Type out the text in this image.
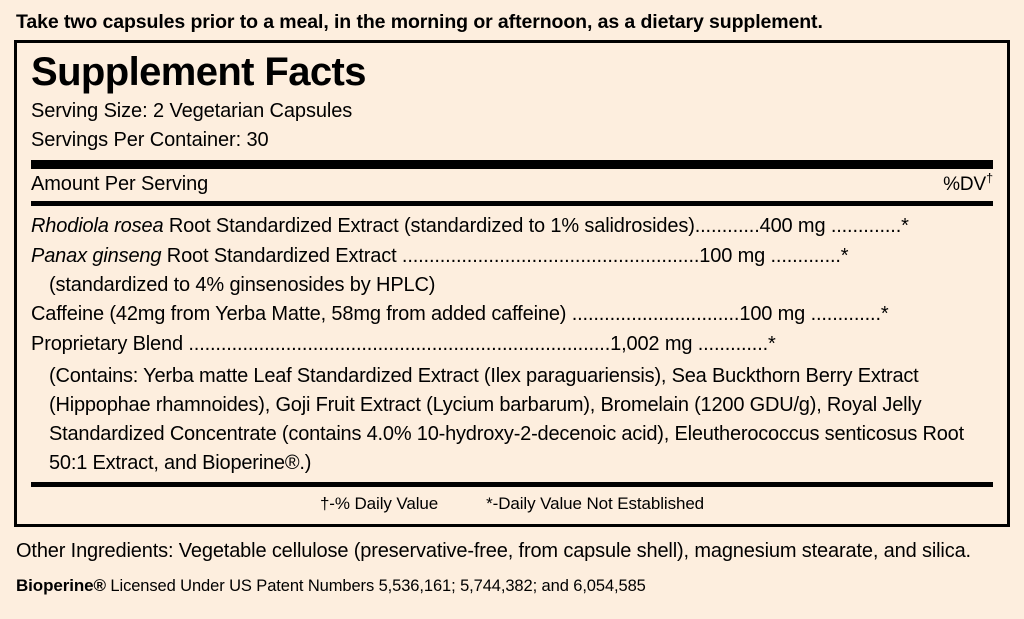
Take two capsules prior to a meal, in the morning or afternoon, as a dietary supplement.
Supplement Facts
Serving Size: 2 Vegetarian Capsules
Servings Per Container: 30
Amount Per Serving	%DV†
Rhodiola rosea Root Standardized Extract (standardized to 1% salidrosides)............400 mg .............*
Panax ginseng Root Standardized Extract .......................................................100 mg .............*
(standardized to 4% ginsenosides by HPLC)
Caffeine (42mg from Yerba Matte, 58mg from added caffeine) ...............................100 mg .............*
Proprietary Blend ..............................................................................1,002 mg .............*
(Contains: Yerba matte Leaf Standardized Extract (Ilex paraguariensis), Sea Buckthorn Berry Extract (Hippophae rhamnoides), Goji Fruit Extract (Lycium barbarum), Bromelain (1200 GDU/g), Royal Jelly Standardized Concentrate (contains 4.0% 10-hydroxy-2-decenoic acid), Eleutherococcus senticosus Root 50:1 Extract, and Bioperine®.)
†-% Daily Value	*-Daily Value Not Established
Other Ingredients: Vegetable cellulose (preservative-free, from capsule shell), magnesium stearate, and silica.
Bioperine® Licensed Under US Patent Numbers 5,536,161; 5,744,382; and 6,054,585
